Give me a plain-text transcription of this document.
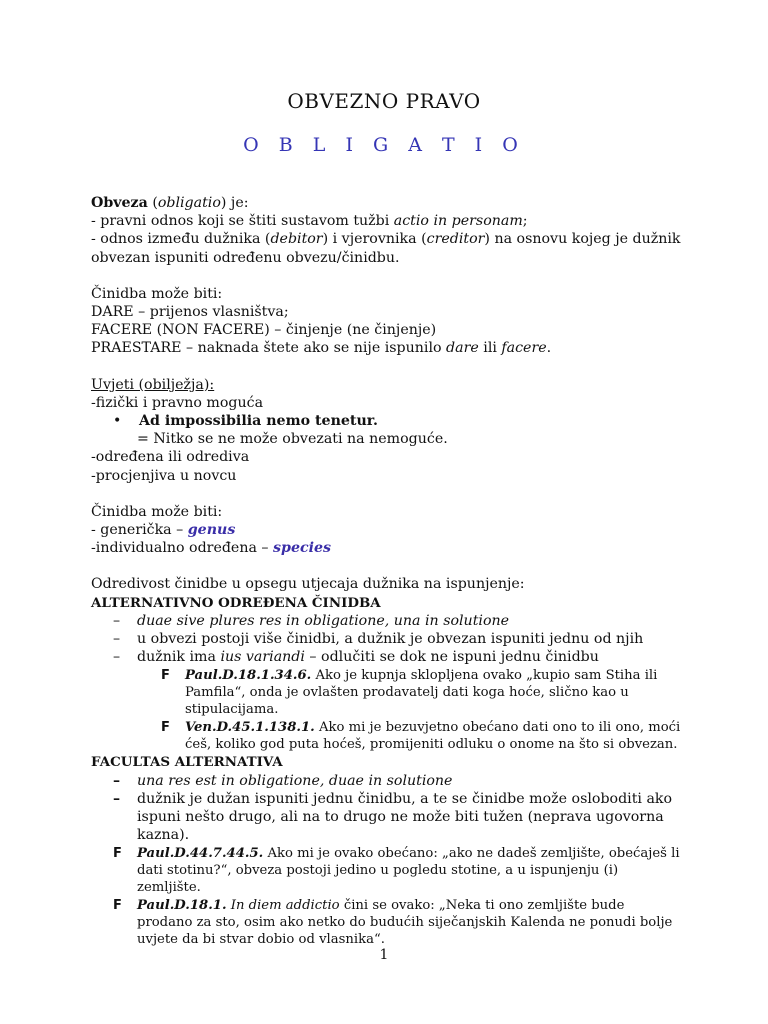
OBVEZNO PRAVO
O B L I G A T I O
Obveza (obligatio) je:
- pravni odnos koji se štiti sustavom tužbi actio in personam;
- odnos između dužnika (debitor) i vjerovnika (creditor) na osnovu kojeg je dužnik
obvezan ispuniti određenu obvezu/činidbu.
Činidba može biti:
DARE – prijenos vlasništva;
FACERE (NON FACERE) – činjenje (ne činjenje)
PRAESTARE – naknada štete ako se nije ispunilo dare ili facere.
Uvjeti (obilježja):
-fizički i pravno moguća
• Ad impossibilia nemo tenetur.
= Nitko se ne može obvezati na nemoguće.
-određena ili odrediva
-procjenjiva u novcu
Činidba može biti:
- generička – genus
-individualno određena – species
Odredivost činidbe u opsegu utjecaja dužnika na ispunjenje:
ALTERNATIVNO ODREĐENA ČINIDBA
–	duae sive plures res in obligatione, una in solutione
–	u obvezi postoji više činidbi, a dužnik je obvezan ispuniti jednu od njih
–	dužnik ima ius variandi – odlučiti se dok ne ispuni jednu činidbu
F	Paul.D.18.1.34.6. Ako je kupnja sklopljena ovako „kupio sam Stiha ili Pamfila“, onda je ovlašten prodavatelj dati koga hoće, slično kao u stipulacijama.
F	Ven.D.45.1.138.1. Ako mi je bezuvjetno obećano dati ono to ili ono, moći ćeš, koliko god puta hoćeš, promijeniti odluku o onome na što si obvezan.
FACULTAS ALTERNATIVA
–	una res est in obligatione, duae in solutione
–	dužnik je dužan ispuniti jednu činidbu, a te se činidbe može osloboditi ako ispuni nešto drugo, ali na to drugo ne može biti tužen (neprava ugovorna kazna).
F	Paul.D.44.7.44.5. Ako mi je ovako obećano: „ako ne dadeš zemljište, obećaješ li dati stotinu?“, obveza postoji jedino u pogledu stotine, a u ispunjenju (i) zemljište.
F	Paul.D.18.1. In diem addictio čini se ovako: „Neka ti ono zemljište bude prodano za sto, osim ako netko do budućih siječanjskih Kalenda ne ponudi bolje uvjete da bi stvar dobio od vlasnika“.
1
